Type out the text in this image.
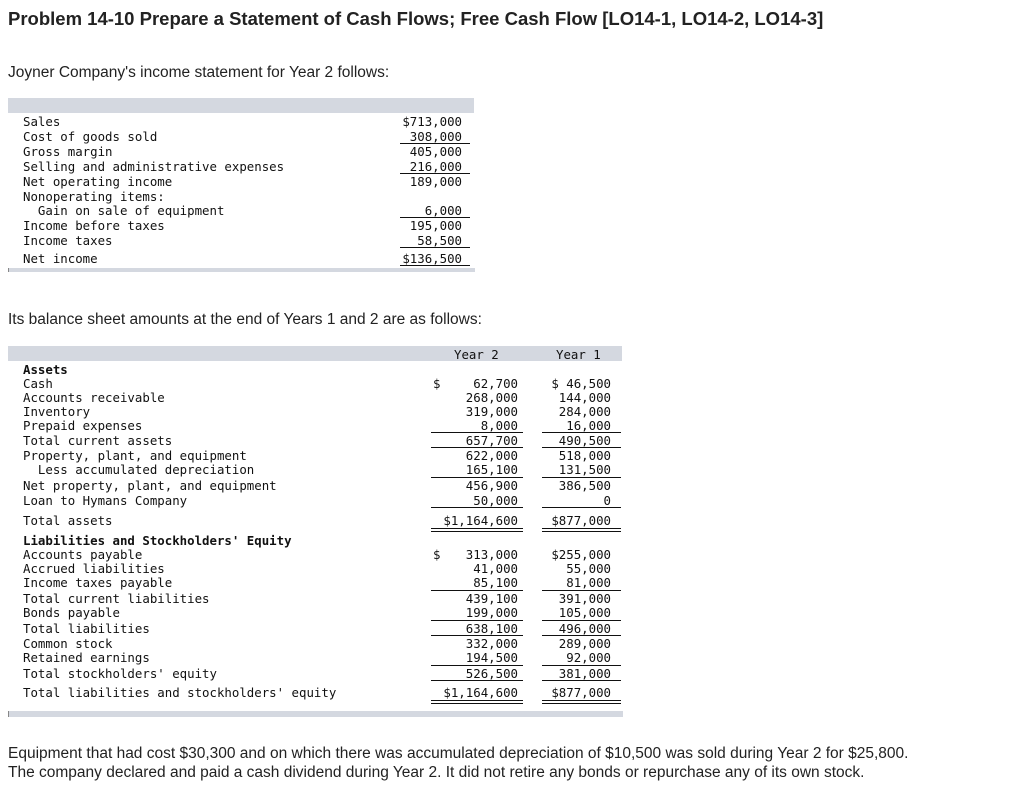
Problem 14-10 Prepare a Statement of Cash Flows; Free Cash Flow [LO14-1, LO14-2, LO14-3]
Joyner Company's income statement for Year 2 follows:
Sales	$713,000
Cost of goods sold	308,000
Gross margin	405,000
Selling and administrative expenses	216,000
Net operating income	189,000
Nonoperating items:
Gain on sale of equipment	6,000
Income before taxes	195,000
Income taxes	58,500
Net income	$136,500
Its balance sheet amounts at the end of Years 1 and 2 are as follows:
Year 2	Year 1
Assets
Cash	$	62,700	$ 46,500
Accounts receivable	268,000	144,000
Inventory	319,000	284,000
Prepaid expenses	8,000	16,000
Total current assets	657,700	490,500
Property, plant, and equipment	622,000	518,000
Less accumulated depreciation	165,100	131,500
Net property, plant, and equipment	456,900	386,500
Loan to Hymans Company	50,000	0
Total assets	$1,164,600	$877,000
Liabilities and Stockholders' Equity
Accounts payable	$	313,000	$255,000
Accrued liabilities	41,000	55,000
Income taxes payable	85,100	81,000
Total current liabilities	439,100	391,000
Bonds payable	199,000	105,000
Total liabilities	638,100	496,000
Common stock	332,000	289,000
Retained earnings	194,500	92,000
Total stockholders' equity	526,500	381,000
Total liabilities and stockholders' equity	$1,164,600	$877,000
Equipment that had cost $30,300 and on which there was accumulated depreciation of $10,500 was sold during Year 2 for $25,800.
The company declared and paid a cash dividend during Year 2. It did not retire any bonds or repurchase any of its own stock.
